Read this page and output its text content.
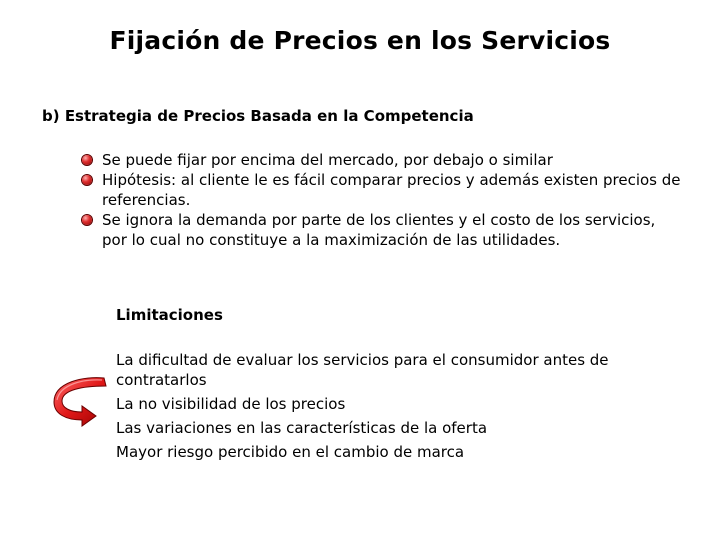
Fijación de Precios en los Servicios
b) Estrategia de Precios Basada en la Competencia
Se puede fijar por encima del mercado, por debajo o similar
Hipótesis: al cliente le es fácil comparar precios y además existen precios de referencias.
Se ignora la demanda por parte de los clientes y el costo de los servicios, por lo cual no constituye a la maximización de las utilidades.
Limitaciones
La dificultad de evaluar los servicios para el consumidor antes de contratarlos
La no visibilidad de los precios
Las variaciones en las características de la oferta
Mayor riesgo percibido en el cambio de marca
